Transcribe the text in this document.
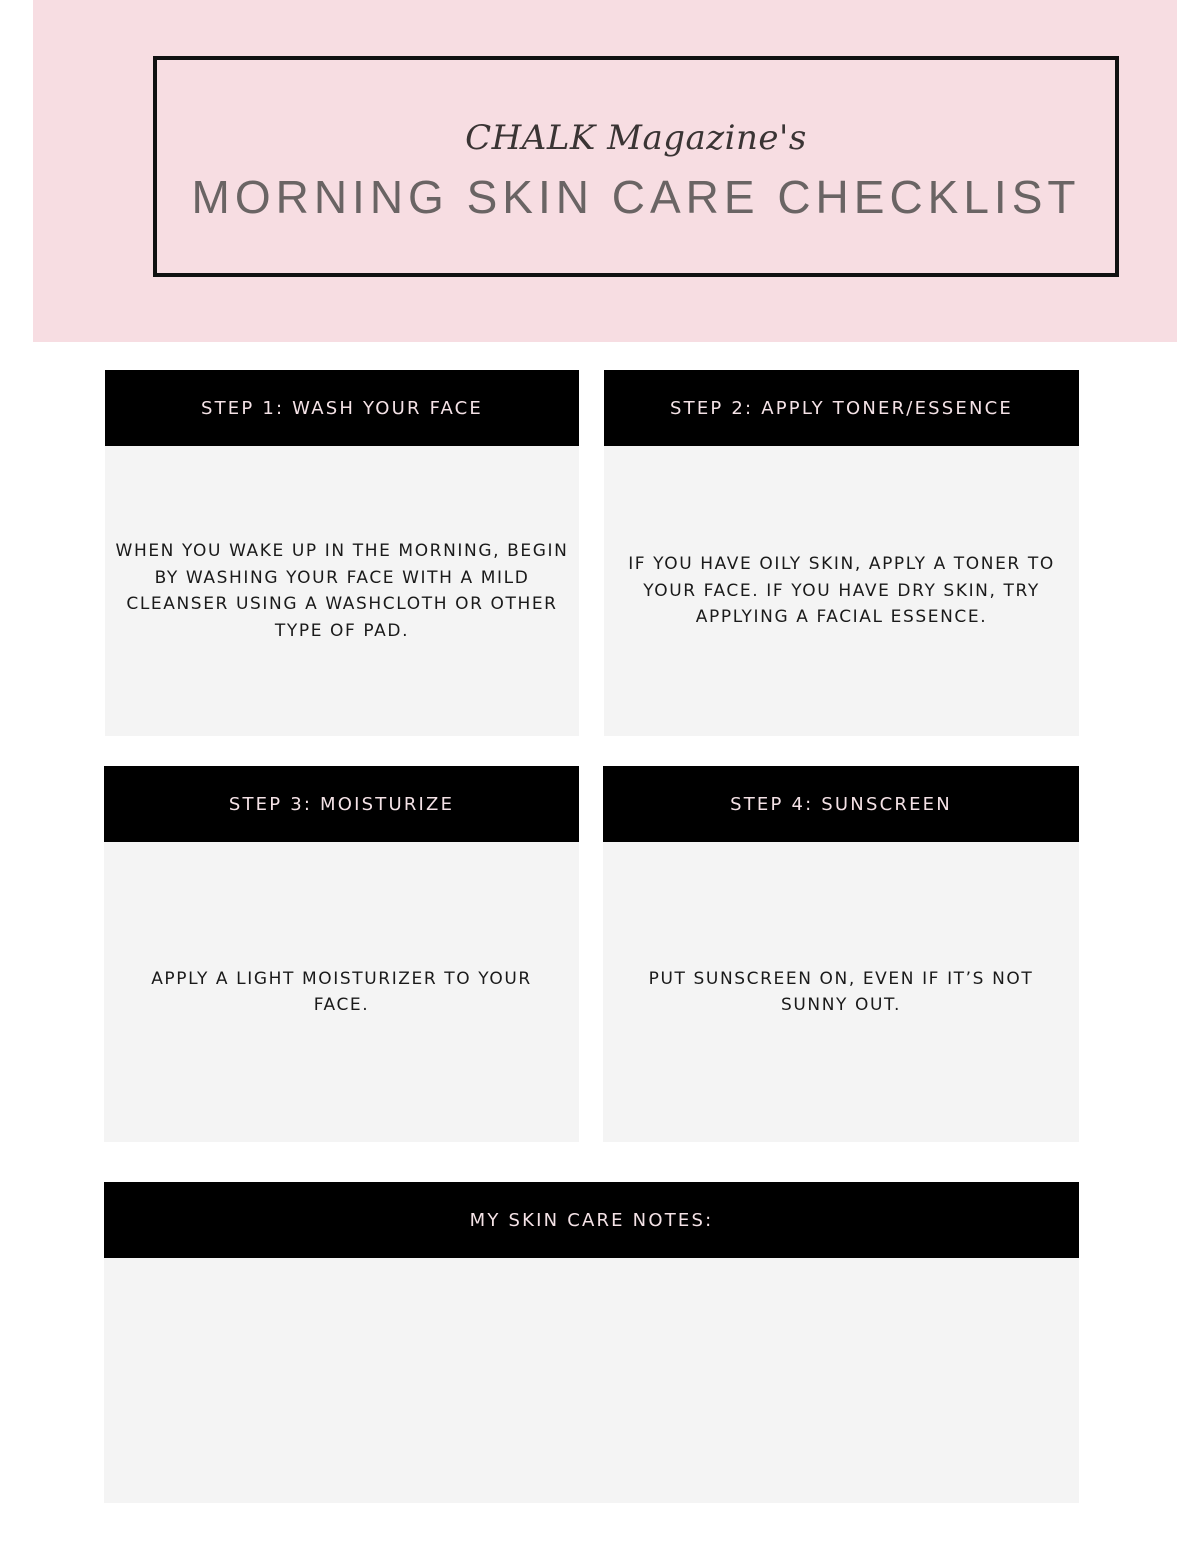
CHALK Magazine's
MORNING SKIN CARE CHECKLIST
STEP 1: WASH YOUR FACE
WHEN YOU WAKE UP IN THE MORNING, BEGIN BY WASHING YOUR FACE WITH A MILD CLEANSER USING A WASHCLOTH OR OTHER TYPE OF PAD.
STEP 2: APPLY TONER/ESSENCE
IF YOU HAVE OILY SKIN, APPLY A TONER TO YOUR FACE. IF YOU HAVE DRY SKIN, TRY APPLYING A FACIAL ESSENCE.
STEP 3: MOISTURIZE
APPLY A LIGHT MOISTURIZER TO YOUR FACE.
STEP 4: SUNSCREEN
PUT SUNSCREEN ON, EVEN IF IT’S NOT SUNNY OUT.
MY SKIN CARE NOTES:
